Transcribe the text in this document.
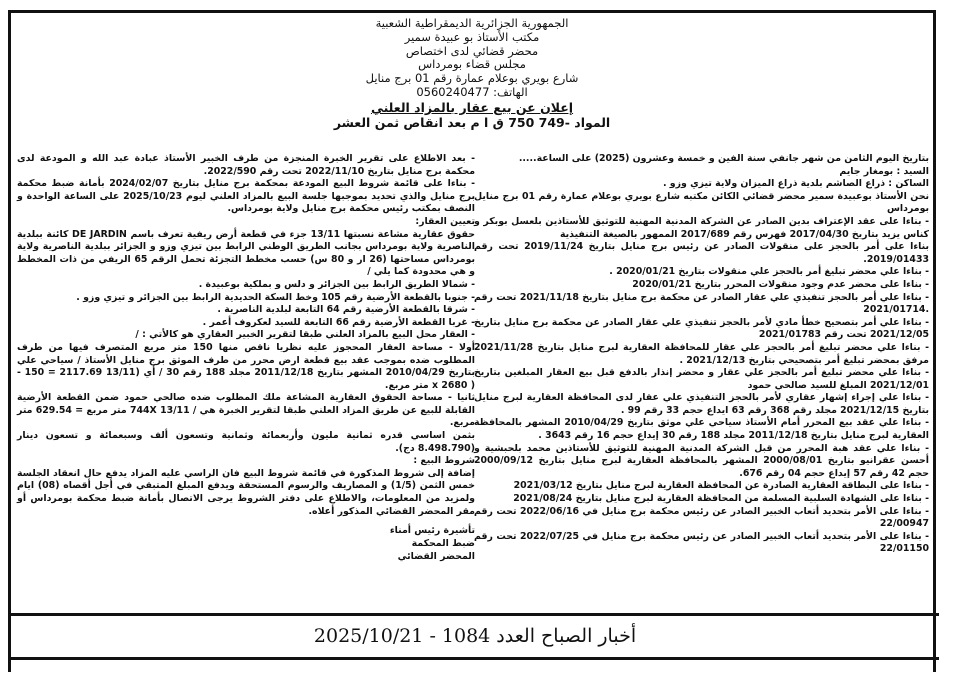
الجمهورية الجزائرية الديمقراطية الشعبية
مكتب الأستاذ بو عبيدة سمير
محضر قضائي لدى اختصاص
مجلس قضاء بومرداس
شارع بويري بوعلام عمارة رقم 01 برج منايل
الهاتف: 0560240477
إعلان عن بيع عقار بالمزاد العلني
المواد -749 750 ق ا م بعد انقاص ثمن العشر

بتاريخ اليوم الثامن من شهر جانفي سنة الفين و خمسة وعشرون (2025) على الساعة.....

السيد : بومغار جايم

الساكن : ذراع الصاشم بلدية ذراع الميزان ولاية تيزي وزو .

نحن الأستاذ بوعبيدة سمير محضر قضائي الكائن مكتبه شارع بويري بوعلام عمارة رقم 01 برج منايل بومرداس

- بناءا على عقد الإعتراف بدين الصادر عن الشركة المدنية المهنية للتوثيق للأستاذين بلعسل بوبكر و كناس يزيد بتاريخ 2017/04/30 فهرس رقم 2017/689 الممهور بالصيغة التنفيذية

بناءا على أمر بالحجز على منقولات الصادر عن رئيس برج منايل بتاريخ 2019/11/24 تحت رقم 2019/01433.

- بناءا علي محضر تبليغ أمر بالحجز علي منقولات بتاريخ 2020/01/21 .

- بناءا على محضر عدم وجود منقولات المحرر بتاريخ 2020/01/21

- بناءا علي أمر بالحجز تنفيذي علي عقار الصادر عن محكمة برج منايل بتاريخ 2021/11/18 تحت رقم .2021/01714

- بناءا علي أمر بتصحيح خطأ مادي لأمر بالحجز تنفيذي علي عقار الصادر عن محكمة برج منايل بتاريخ 2021/12/05 تحت رقم 2021/01783

- بناءا علي محضر تبليغ أمر بالحجز علي عقار للمحافظة العقارية لبرج منايل بتاريخ 2021/11/28 مرفق بمحضر تبليغ أمر بتصحيحي بتاريخ 2021/12/13 .

- بناءا علي محضر تبليغ أمر بالحجز علي عقار و محضر إنذار بالدفع قبل بيع العقار المبلغين بتاريخ 2021/12/01 المبلغ للسيد صالحي حمود

- بناءا علي إجراء إشهار عقاري لأمر بالحجز التنفيذي علي عقار لدى المحافظة العقارية لبرج منايل بتاريخ 2021/12/15 مجلد رقم 368 رقم 63 ايداع حجم 33 رقم 99 .

- بناءا علي عقد بيع المحرر أمام الأستاذ سياحي علي موثق بتاريخ 2010/04/29 المشهر بالمحافظة العقارية لبرج منايل بتاريخ 2011/12/18 مجلد 188 رقم 30 إيداع حجم 16 رقم 3643 .

- بناءا علي عقد هبة المحرر من قبل الشركة المدنية المهنية للتوثيق للأستاذين محمد بلحبشية و أحسن عقرانيو بتاريخ 2000/08/01 المشهر بالمحافظة العقارية لبرج منايل بتاريخ 2000/09/12 حجم 42 رقم 57 إيداع حجم 04 رقم 676.

- بناءا على البطاقة العقارية الصادرة عن المحافظة العقارية لبرج منايل بتاريخ 2021/03/12

- بناءا على الشهادة السلبية المسلمة من المحافظة العقارية لبرج منايل بتاريخ 2021/08/24

- بناءا على الأمر بتحديد أتعاب الخبير الصادر عن رئيس محكمة برج منايل في 2022/06/16 تحت رقم 22/00947

- بناءا على الأمر بتحديد أتعاب الخبير الصادر عن رئيس محكمة برج منايل في 2022/07/25 تحت رقم 22/01150

- بعد الاطلاع على تقرير الخبرة المنجزة من طرف الخبير الأستاذ عبادة عبد الله و المودعة لدى محكمة برج منايل بتاريخ 2022/11/10 تحت رقم 2022/590.

- بناءا على قائمة شروط البيع المودعة بمحكمة برج منايل بتاريخ 2024/02/07 بأمانة ضبط محكمة برج منايل والذي تحديد بموجبها جلسة البيع بالمزاد العلني ليوم 2025/10/23 على الساعة الواحدة و النصف بمكتب رئيس محكمة برج منايل ولاية بومرداس.

تعيين العقار:

حقوق عقارية مشاعة نسبتها 13/11 جزء في قطعة أرض ريفية تعرف باسم DE JARDIN كائنة ببلدية الناصرية ولاية بومرداس بجانب الطريق الوطني الرابط بين تيزي وزو و الجزائر ببلدية الناصرية ولاية بومرداس مساحتها (26 ار و 80 س) حسب مخطط التجزئة تحمل الرقم 65 الريفي من ذات المخطط و هي محدودة كما يلي /

- شمالا الطريق الرابط بين الجزائر و دلس و بملكية بوعبيدة .

- جنوبا بالقطعة الأرضية رقم 105 وخط السكة الحديدية الرابط بين الجزائر و تيزي وزو .

- شرقا بالقطعة الأرضية رقم 64 التابعة لبلدية الناصرية .

- غربا القطعة الأرضية رقم 66 التابعة للسيد لعكروف أعمر .

- العقار محل البيع بالمزاد العلني طبقا لتقرير الخبير العقاري هو كالأتي : /

أولا - مساحة العقار المحجوز عليه نظريا ناقص منها 150 متر مربع المتصرف فيها من طرف المطلوب ضده بموجب عقد بيع قطعة ارض محرر من طرف الموثق برج منايل الأستاذ / سياحي علي بتاريخ 2010/04/29 المشهر بتاريخ 2011/12/18 مجلد 188 رقم 30 / أي (13/11 2117.69 = 150 - ( 2680 x متر مربع.

ثانيا - مساحة الحقوق العقارية المشاعة ملك المطلوب ضده صالحي حمود ضمن القطعة الأرضية القابلة للبيع عن طريق المزاد العلني طبقا لتقرير الخبرة هي / 13/11 744X متر مربع = 629.54 متر مربع.

بثمن اساسي قدره ثمانية مليون وأربعمائة وثمانية وتسعون ألف وسبعمائة و تسعون دينار (8.498.790 دج).

شروط البيع :

إضافة إلى شروط المذكورة في قائمة شروط البيع فان الراسي عليه المزاد يدفع حال انعقاد الجلسة خمس الثمن (1/5) و المصاريف والرسوم المستحقة ويدفع المبلغ المتبقي في أجل أقصاه (08) ايام ولمزيد من المعلومات، والاطلاع على دفتر الشروط يرجى الاتصال بأمانة ضبط محكمة بومرداس أو مقر المحضر القضائي المذكور أعلاه.

تأشيرة رئيس أمناء

ضبط المحكمة

المحضر القضائي

أخبار الصباح العدد 1084 - 2025/10/21
